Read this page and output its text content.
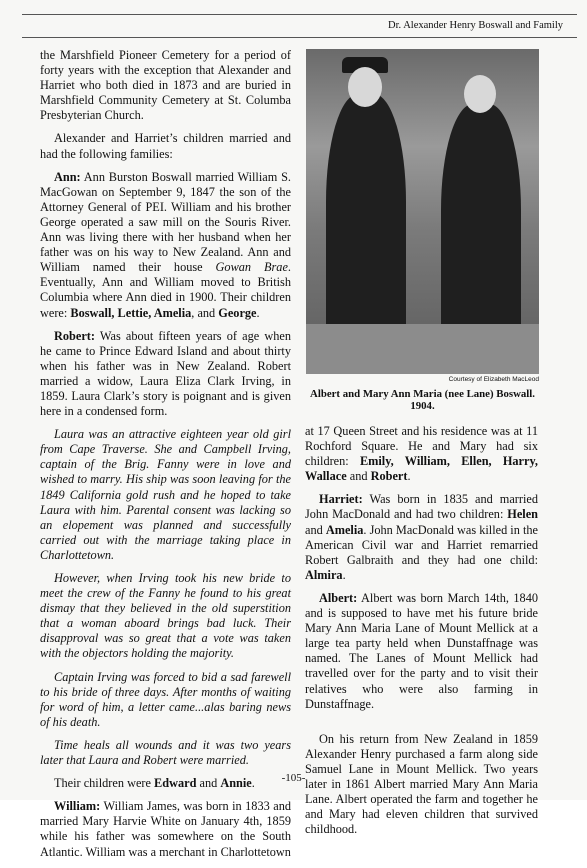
Dr. Alexander Henry Boswall and Family

the Marshfield Pioneer Cemetery for a period of forty years with the exception that Alexander and Harriet who both died in 1873 and are buried in Marshfield Community Cemetery at St. Columba Presbyterian Church.

Alexander and Harriet’s children married and had the following families:

Ann: Ann Burston Boswall married William S. MacGowan on September 9, 1847 the son of the Attorney General of PEI. William and his brother George operated a saw mill on the Souris River. Ann was living there with her husband when her father was on his way to New Zealand. Ann and William named their house Gowan Brae. Eventually, Ann and William moved to British Columbia where Ann died in 1900. Their children were: Boswall, Lettie, Amelia, and George.

Robert: Was about fifteen years of age when he came to Prince Edward Island and about thirty when his father was in New Zealand. Robert married a widow, Laura Eliza Clark Irving, in 1859. Laura Clark’s story is poignant and is given here in a condensed form.

Laura was an attractive eighteen year old girl from Cape Traverse. She and Campbell Irving, captain of the Brig. Fanny were in love and wished to marry. His ship was soon leaving for the 1849 California gold rush and he hoped to take Laura with him. Parental consent was lacking so an elopement was planned and successfully carried out with the marriage taking place in Charlottetown.

However, when Irving took his new bride to meet the crew of the Fanny he found to his great dismay that they believed in the old superstition that a woman aboard brings bad luck. Their disapproval was so great that a vote was taken with the objectors holding the majority.

Captain Irving was forced to bid a sad farewell to his bride of three days. After months of waiting for word of him, a letter came...alas baring news of his death.

Time heals all wounds and it was two years later that Laura and Robert were married.

Their children were Edward and Annie.

William: William James, was born in 1833 and married Mary Harvie White on January 4th, 1859 while his father was somewhere on the South Atlantic. William was a merchant in Charlottetown

Courtesy of Elizabeth MacLeod
Albert and Mary Ann Maria (nee Lane) Boswall. 1904.

at 17 Queen Street and his residence was at 11 Rochford Square. He and Mary had six children: Emily, William, Ellen, Harry, Wallace and Robert.

Harriet: Was born in 1835 and married John MacDonald and had two children: Helen and Amelia. John MacDonald was killed in the American Civil war and Harriet remarried Robert Galbraith and they had one child: Almira.

Albert: Albert was born March 14th, 1840 and is supposed to have met his future bride Mary Ann Maria Lane of Mount Mellick at a large tea party held when Dunstaffnage was named. The Lanes of Mount Mellick had travelled over for the party and to visit their relatives who were also farming in Dunstaffnage.

On his return from New Zealand in 1859 Alexander Henry purchased a farm along side Samuel Lane in Mount Mellick. Two years later in 1861 Albert married Mary Ann Maria Lane. Albert operated the farm and together he and Mary had eleven children that survived childhood.

-105-
